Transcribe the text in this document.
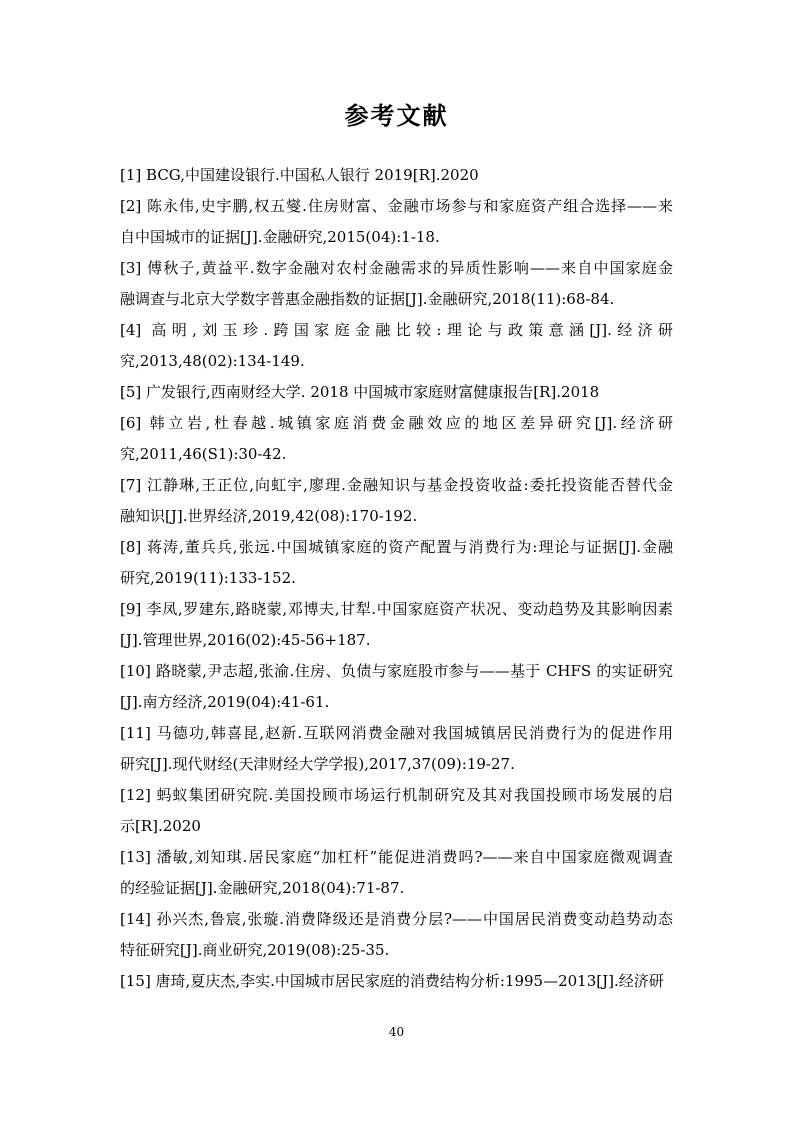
参考文献
[1] BCG,中国建设银行.中国私人银行 2019[R].2020
[2] 陈永伟,史宇鹏,权五燮.住房财富、金融市场参与和家庭资产组合选择——来
自中国城市的证据[J].金融研究,2015(04):1-18.
[3] 傅秋子,黄益平.数字金融对农村金融需求的异质性影响——来自中国家庭金
融调查与北京大学数字普惠金融指数的证据[J].金融研究,2018(11):68-84.
[4] 高明,刘玉珍.跨国家庭金融比较:理论与政策意涵[J].经济研
究,2013,48(02):134-149.
[5] 广发银行,西南财经大学. 2018 中国城市家庭财富健康报告[R].2018
[6] 韩立岩,杜春越.城镇家庭消费金融效应的地区差异研究[J].经济研
究,2011,46(S1):30-42.
[7] 江静琳,王正位,向虹宇,廖理.金融知识与基金投资收益:委托投资能否替代金
融知识[J].世界经济,2019,42(08):170-192.
[8] 蒋涛,董兵兵,张远.中国城镇家庭的资产配置与消费行为:理论与证据[J].金融
研究,2019(11):133-152.
[9] 李凤,罗建东,路晓蒙,邓博夫,甘犁.中国家庭资产状况、变动趋势及其影响因素
[J].管理世界,2016(02):45-56+187.
[10] 路晓蒙,尹志超,张渝.住房、负债与家庭股市参与——基于 CHFS 的实证研究
[J].南方经济,2019(04):41-61.
[11] 马德功,韩喜昆,赵新.互联网消费金融对我国城镇居民消费行为的促进作用
研究[J].现代财经(天津财经大学学报),2017,37(09):19-27.
[12] 蚂蚁集团研究院.美国投顾市场运行机制研究及其对我国投顾市场发展的启
示[R].2020
[13] 潘敏,刘知琪.居民家庭“加杠杆”能促进消费吗?——来自中国家庭微观调查
的经验证据[J].金融研究,2018(04):71-87.
[14] 孙兴杰,鲁宸,张璇.消费降级还是消费分层?——中国居民消费变动趋势动态
特征研究[J].商业研究,2019(08):25-35.
[15] 唐琦,夏庆杰,李实.中国城市居民家庭的消费结构分析:1995—2013[J].经济研
40
